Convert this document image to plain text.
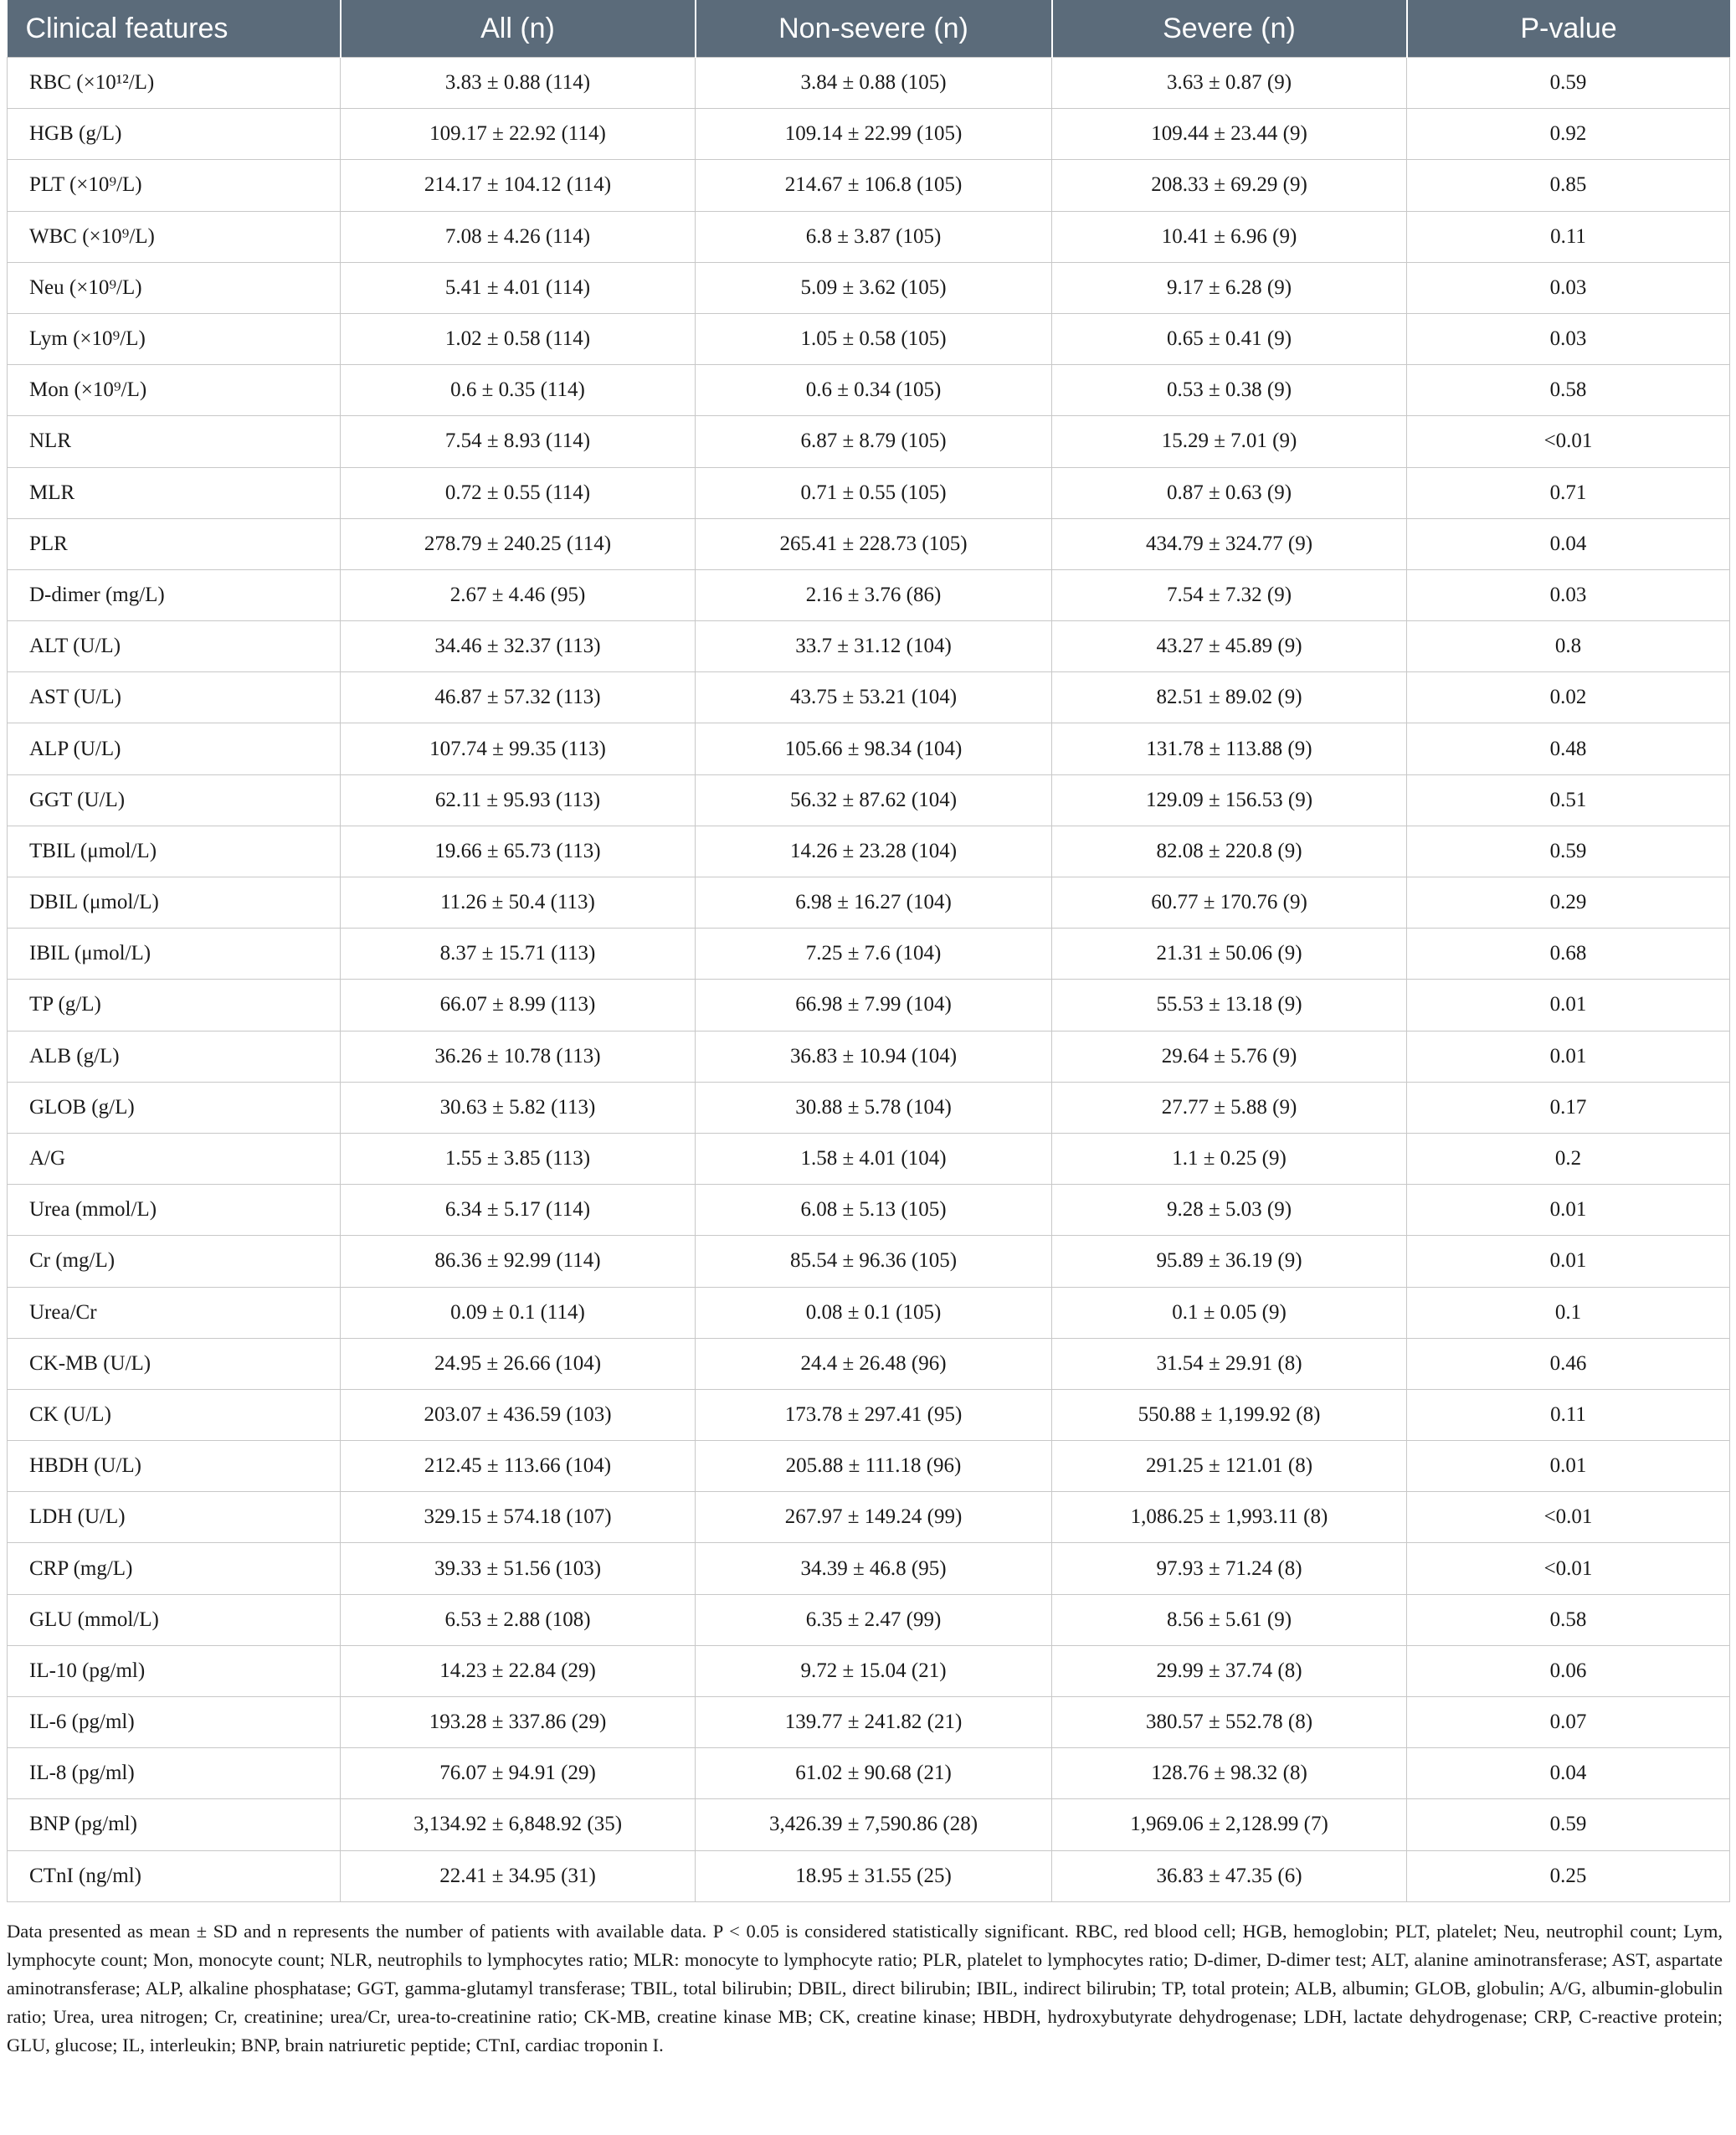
Clinical features	All (n)	Non-severe (n)	Severe (n)	P-value
RBC (×10¹²/L)	3.83 ± 0.88 (114)	3.84 ± 0.88 (105)	3.63 ± 0.87 (9)	0.59
HGB (g/L)	109.17 ± 22.92 (114)	109.14 ± 22.99 (105)	109.44 ± 23.44 (9)	0.92
PLT (×10⁹/L)	214.17 ± 104.12 (114)	214.67 ± 106.8 (105)	208.33 ± 69.29 (9)	0.85
WBC (×10⁹/L)	7.08 ± 4.26 (114)	6.8 ± 3.87 (105)	10.41 ± 6.96 (9)	0.11
Neu (×10⁹/L)	5.41 ± 4.01 (114)	5.09 ± 3.62 (105)	9.17 ± 6.28 (9)	0.03
Lym (×10⁹/L)	1.02 ± 0.58 (114)	1.05 ± 0.58 (105)	0.65 ± 0.41 (9)	0.03
Mon (×10⁹/L)	0.6 ± 0.35 (114)	0.6 ± 0.34 (105)	0.53 ± 0.38 (9)	0.58
NLR	7.54 ± 8.93 (114)	6.87 ± 8.79 (105)	15.29 ± 7.01 (9)	<0.01
MLR	0.72 ± 0.55 (114)	0.71 ± 0.55 (105)	0.87 ± 0.63 (9)	0.71
PLR	278.79 ± 240.25 (114)	265.41 ± 228.73 (105)	434.79 ± 324.77 (9)	0.04
D-dimer (mg/L)	2.67 ± 4.46 (95)	2.16 ± 3.76 (86)	7.54 ± 7.32 (9)	0.03
ALT (U/L)	34.46 ± 32.37 (113)	33.7 ± 31.12 (104)	43.27 ± 45.89 (9)	0.8
AST (U/L)	46.87 ± 57.32 (113)	43.75 ± 53.21 (104)	82.51 ± 89.02 (9)	0.02
ALP (U/L)	107.74 ± 99.35 (113)	105.66 ± 98.34 (104)	131.78 ± 113.88 (9)	0.48
GGT (U/L)	62.11 ± 95.93 (113)	56.32 ± 87.62 (104)	129.09 ± 156.53 (9)	0.51
TBIL (μmol/L)	19.66 ± 65.73 (113)	14.26 ± 23.28 (104)	82.08 ± 220.8 (9)	0.59
DBIL (μmol/L)	11.26 ± 50.4 (113)	6.98 ± 16.27 (104)	60.77 ± 170.76 (9)	0.29
IBIL (μmol/L)	8.37 ± 15.71 (113)	7.25 ± 7.6 (104)	21.31 ± 50.06 (9)	0.68
TP (g/L)	66.07 ± 8.99 (113)	66.98 ± 7.99 (104)	55.53 ± 13.18 (9)	0.01
ALB (g/L)	36.26 ± 10.78 (113)	36.83 ± 10.94 (104)	29.64 ± 5.76 (9)	0.01
GLOB (g/L)	30.63 ± 5.82 (113)	30.88 ± 5.78 (104)	27.77 ± 5.88 (9)	0.17
A/G	1.55 ± 3.85 (113)	1.58 ± 4.01 (104)	1.1 ± 0.25 (9)	0.2
Urea (mmol/L)	6.34 ± 5.17 (114)	6.08 ± 5.13 (105)	9.28 ± 5.03 (9)	0.01
Cr (mg/L)	86.36 ± 92.99 (114)	85.54 ± 96.36 (105)	95.89 ± 36.19 (9)	0.01
Urea/Cr	0.09 ± 0.1 (114)	0.08 ± 0.1 (105)	0.1 ± 0.05 (9)	0.1
CK-MB (U/L)	24.95 ± 26.66 (104)	24.4 ± 26.48 (96)	31.54 ± 29.91 (8)	0.46
CK (U/L)	203.07 ± 436.59 (103)	173.78 ± 297.41 (95)	550.88 ± 1,199.92 (8)	0.11
HBDH (U/L)	212.45 ± 113.66 (104)	205.88 ± 111.18 (96)	291.25 ± 121.01 (8)	0.01
LDH (U/L)	329.15 ± 574.18 (107)	267.97 ± 149.24 (99)	1,086.25 ± 1,993.11 (8)	<0.01
CRP (mg/L)	39.33 ± 51.56 (103)	34.39 ± 46.8 (95)	97.93 ± 71.24 (8)	<0.01
GLU (mmol/L)	6.53 ± 2.88 (108)	6.35 ± 2.47 (99)	8.56 ± 5.61 (9)	0.58
IL-10 (pg/ml)	14.23 ± 22.84 (29)	9.72 ± 15.04 (21)	29.99 ± 37.74 (8)	0.06
IL-6 (pg/ml)	193.28 ± 337.86 (29)	139.77 ± 241.82 (21)	380.57 ± 552.78 (8)	0.07
IL-8 (pg/ml)	76.07 ± 94.91 (29)	61.02 ± 90.68 (21)	128.76 ± 98.32 (8)	0.04
BNP (pg/ml)	3,134.92 ± 6,848.92 (35)	3,426.39 ± 7,590.86 (28)	1,969.06 ± 2,128.99 (7)	0.59
CTnI (ng/ml)	22.41 ± 34.95 (31)	18.95 ± 31.55 (25)	36.83 ± 47.35 (6)	0.25
Data presented as mean ± SD and n represents the number of patients with available data. P < 0.05 is considered statistically significant. RBC, red blood cell; HGB, hemoglobin; PLT, platelet; Neu, neutrophil count; Lym, lymphocyte count; Mon, monocyte count; NLR, neutrophils to lymphocytes ratio; MLR: monocyte to lymphocyte ratio; PLR, platelet to lymphocytes ratio; D-dimer, D-dimer test; ALT, alanine aminotransferase; AST, aspartate aminotransferase; ALP, alkaline phosphatase; GGT, gamma-glutamyl transferase; TBIL, total bilirubin; DBIL, direct bilirubin; IBIL, indirect bilirubin; TP, total protein; ALB, albumin; GLOB, globulin; A/G, albumin-globulin ratio; Urea, urea nitrogen; Cr, creatinine; urea/Cr, urea-to-creatinine ratio; CK-MB, creatine kinase MB; CK, creatine kinase; HBDH, hydroxybutyrate dehydrogenase; LDH, lactate dehydrogenase; CRP, C-reactive protein; GLU, glucose; IL, interleukin; BNP, brain natriuretic peptide; CTnI, cardiac troponin I.
